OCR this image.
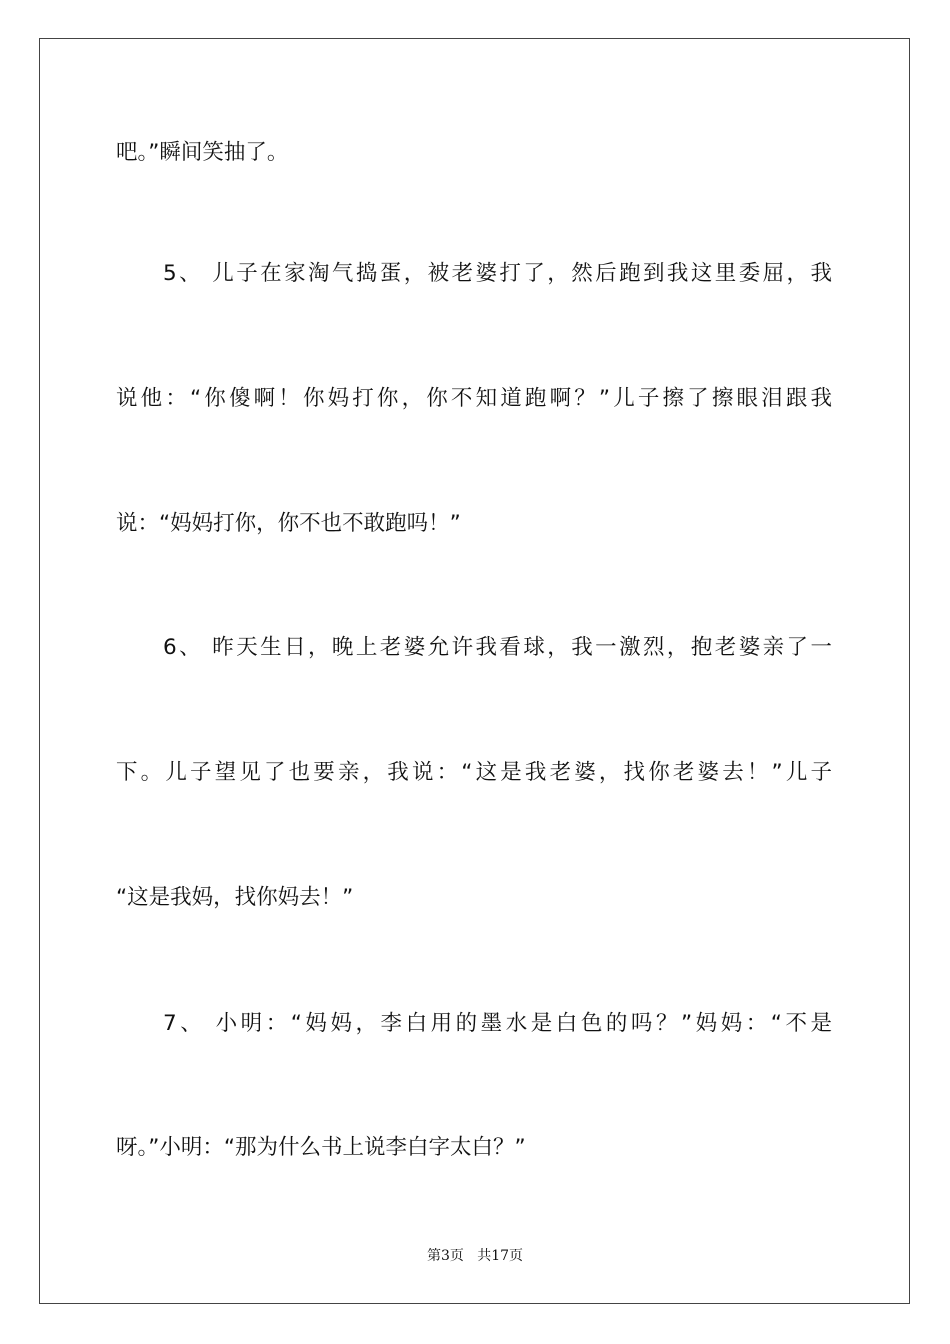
吧。”瞬间笑抽了。
5、 儿子在家淘气捣蛋，被老婆打了，然后跑到我这里委屈，我
说他：“你傻啊！你妈打你，你不知道跑啊？”儿子擦了擦眼泪跟我
说：“妈妈打你，你不也不敢跑吗！”
6、 昨天生日，晚上老婆允许我看球，我一激烈，抱老婆亲了一
下。儿子望见了也要亲，我说：“这是我老婆，找你老婆去！”儿子
“这是我妈，找你妈去！”
7、 小明：“妈妈，李白用的墨水是白色的吗？”妈妈：“不是
呀。”小明：“那为什么书上说李白字太白？”
第3页   共17页
